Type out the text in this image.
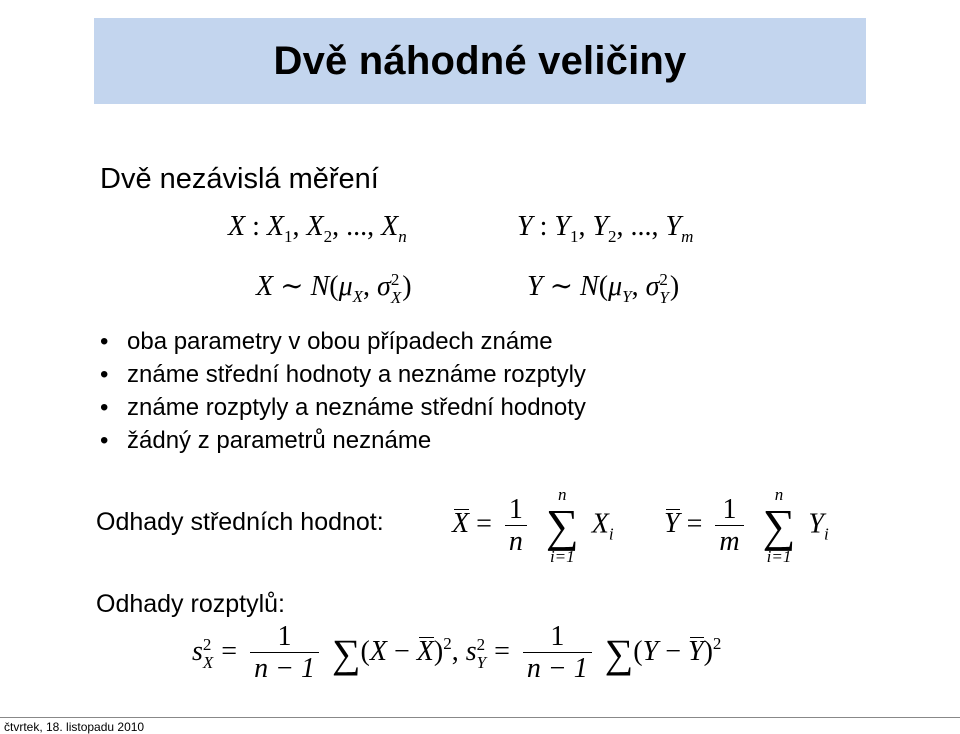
Dvě náhodné veličiny
Dvě nezávislá měření
X : $X_1$, $X_2$, ..., $X_n$	Y : $Y_1$, $Y_2$, ..., $Y_m$
X ∼ $N(\mu_X$, σ 2
X )	Y ∼ $N(\mu_Y$, σ 2
Y )
• oba parametry v obou případech známe
• známe střední hodnoty a neznáme rozptyly
• známe rozptyly a neznáme střední hodnoty
• žádný z parametrů neznáme
Odhady středních hodnot: $X = \frac{1}{n}$
n
∑
i=1
$X_i$ $Y = \frac{1}{m}$
n
∑
i=1
$Y_i$
Odhady rozptylů:
s 2
$X = \frac{1}{n - 1} \sum(X - X)^2$, s 2
$Y = \frac{1}{n - 1} \sum(Y - Y)^2$
čtvrtek, 18. listopadu 2010
